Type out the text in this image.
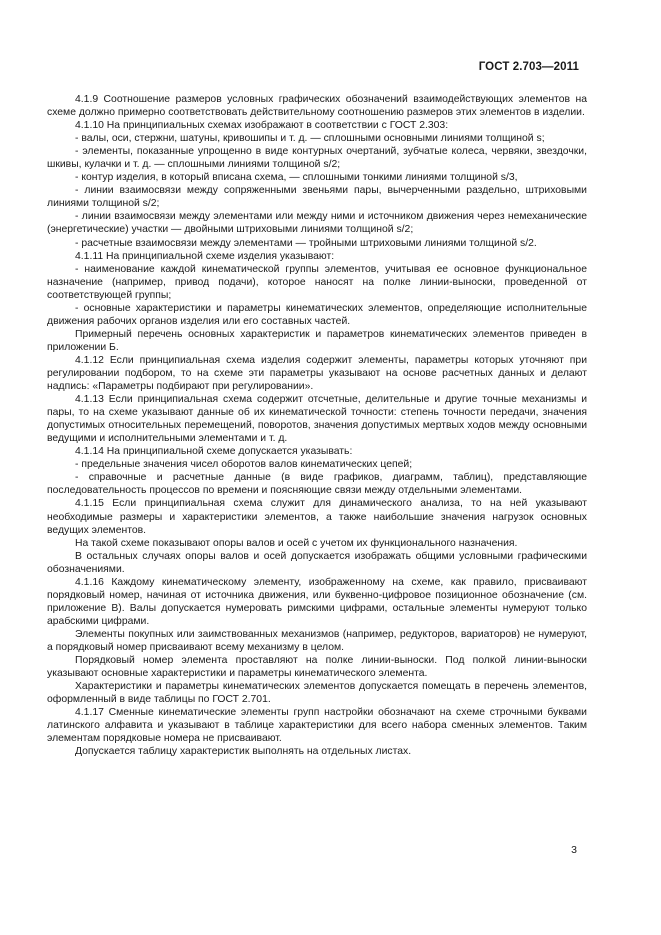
ГОСТ 2.703—2011

4.1.9 Соотношение размеров условных графических обозначений взаимодействующих элементов на схеме должно примерно соответствовать действительному соотношению размеров этих элементов в изделии.

4.1.10 На принципиальных схемах изображают в соответствии с ГОСТ 2.303:

- валы, оси, стержни, шатуны, кривошипы и т. д. — сплошными основными линиями толщиной s;

- элементы, показанные упрощенно в виде контурных очертаний, зубчатые колеса, червяки, звездочки, шкивы, кулачки и т. д. — сплошными линиями толщиной s/2;

- контур изделия, в который вписана схема, — сплошными тонкими линиями толщиной s/3,

- линии взаимосвязи между сопряженными звеньями пары, вычерченными раздельно, штриховыми линиями толщиной s/2;

- линии взаимосвязи между элементами или между ними и источником движения через немеханические (энергетические) участки — двойными штриховыми линиями толщиной s/2;

- расчетные взаимосвязи между элементами — тройными штриховыми линиями толщиной s/2.

4.1.11 На принципиальной схеме изделия указывают:

- наименование каждой кинематической группы элементов, учитывая ее основное функциональное назначение (например, привод подачи), которое наносят на полке линии-выноски, проведенной от соответствующей группы;

- основные характеристики и параметры кинематических элементов, определяющие исполнительные движения рабочих органов изделия или его составных частей.

Примерный перечень основных характеристик и параметров кинематических элементов приведен в приложении Б.

4.1.12 Если принципиальная схема изделия содержит элементы, параметры которых уточняют при регулировании подбором, то на схеме эти параметры указывают на основе расчетных данных и делают надпись: «Параметры подбирают при регулировании».

4.1.13 Если принципиальная схема содержит отсчетные, делительные и другие точные механизмы и пары, то на схеме указывают данные об их кинематической точности: степень точности передачи, значения допустимых относительных перемещений, поворотов, значения допустимых мертвых ходов между основными ведущими и исполнительными элементами и т. д.

4.1.14 На принципиальной схеме допускается указывать:

- предельные значения чисел оборотов валов кинематических цепей;

- справочные и расчетные данные (в виде графиков, диаграмм, таблиц), представляющие последовательность процессов по времени и поясняющие связи между отдельными элементами.

4.1.15 Если принципиальная схема служит для динамического анализа, то на ней указывают необходимые размеры и характеристики элементов, а также наибольшие значения нагрузок основных ведущих элементов.

На такой схеме показывают опоры валов и осей с учетом их функционального назначения.

В остальных случаях опоры валов и осей допускается изображать общими условными графическими обозначениями.

4.1.16 Каждому кинематическому элементу, изображенному на схеме, как правило, присваивают порядковый номер, начиная от источника движения, или буквенно-цифровое позиционное обозначение (см. приложение В). Валы допускается нумеровать римскими цифрами, остальные элементы нумеруют только арабскими цифрами.

Элементы покупных или заимствованных механизмов (например, редукторов, вариаторов) не нумеруют, а порядковый номер присваивают всему механизму в целом.

Порядковый номер элемента проставляют на полке линии-выноски. Под полкой линии-выноски указывают основные характеристики и параметры кинематического элемента.

Характеристики и параметры кинематических элементов допускается помещать в перечень элементов, оформленный в виде таблицы по ГОСТ 2.701.

4.1.17 Сменные кинематические элементы групп настройки обозначают на схеме строчными буквами латинского алфавита и указывают в таблице характеристики для всего набора сменных элементов. Таким элементам порядковые номера не присваивают.

Допускается таблицу характеристик выполнять на отдельных листах.

3
